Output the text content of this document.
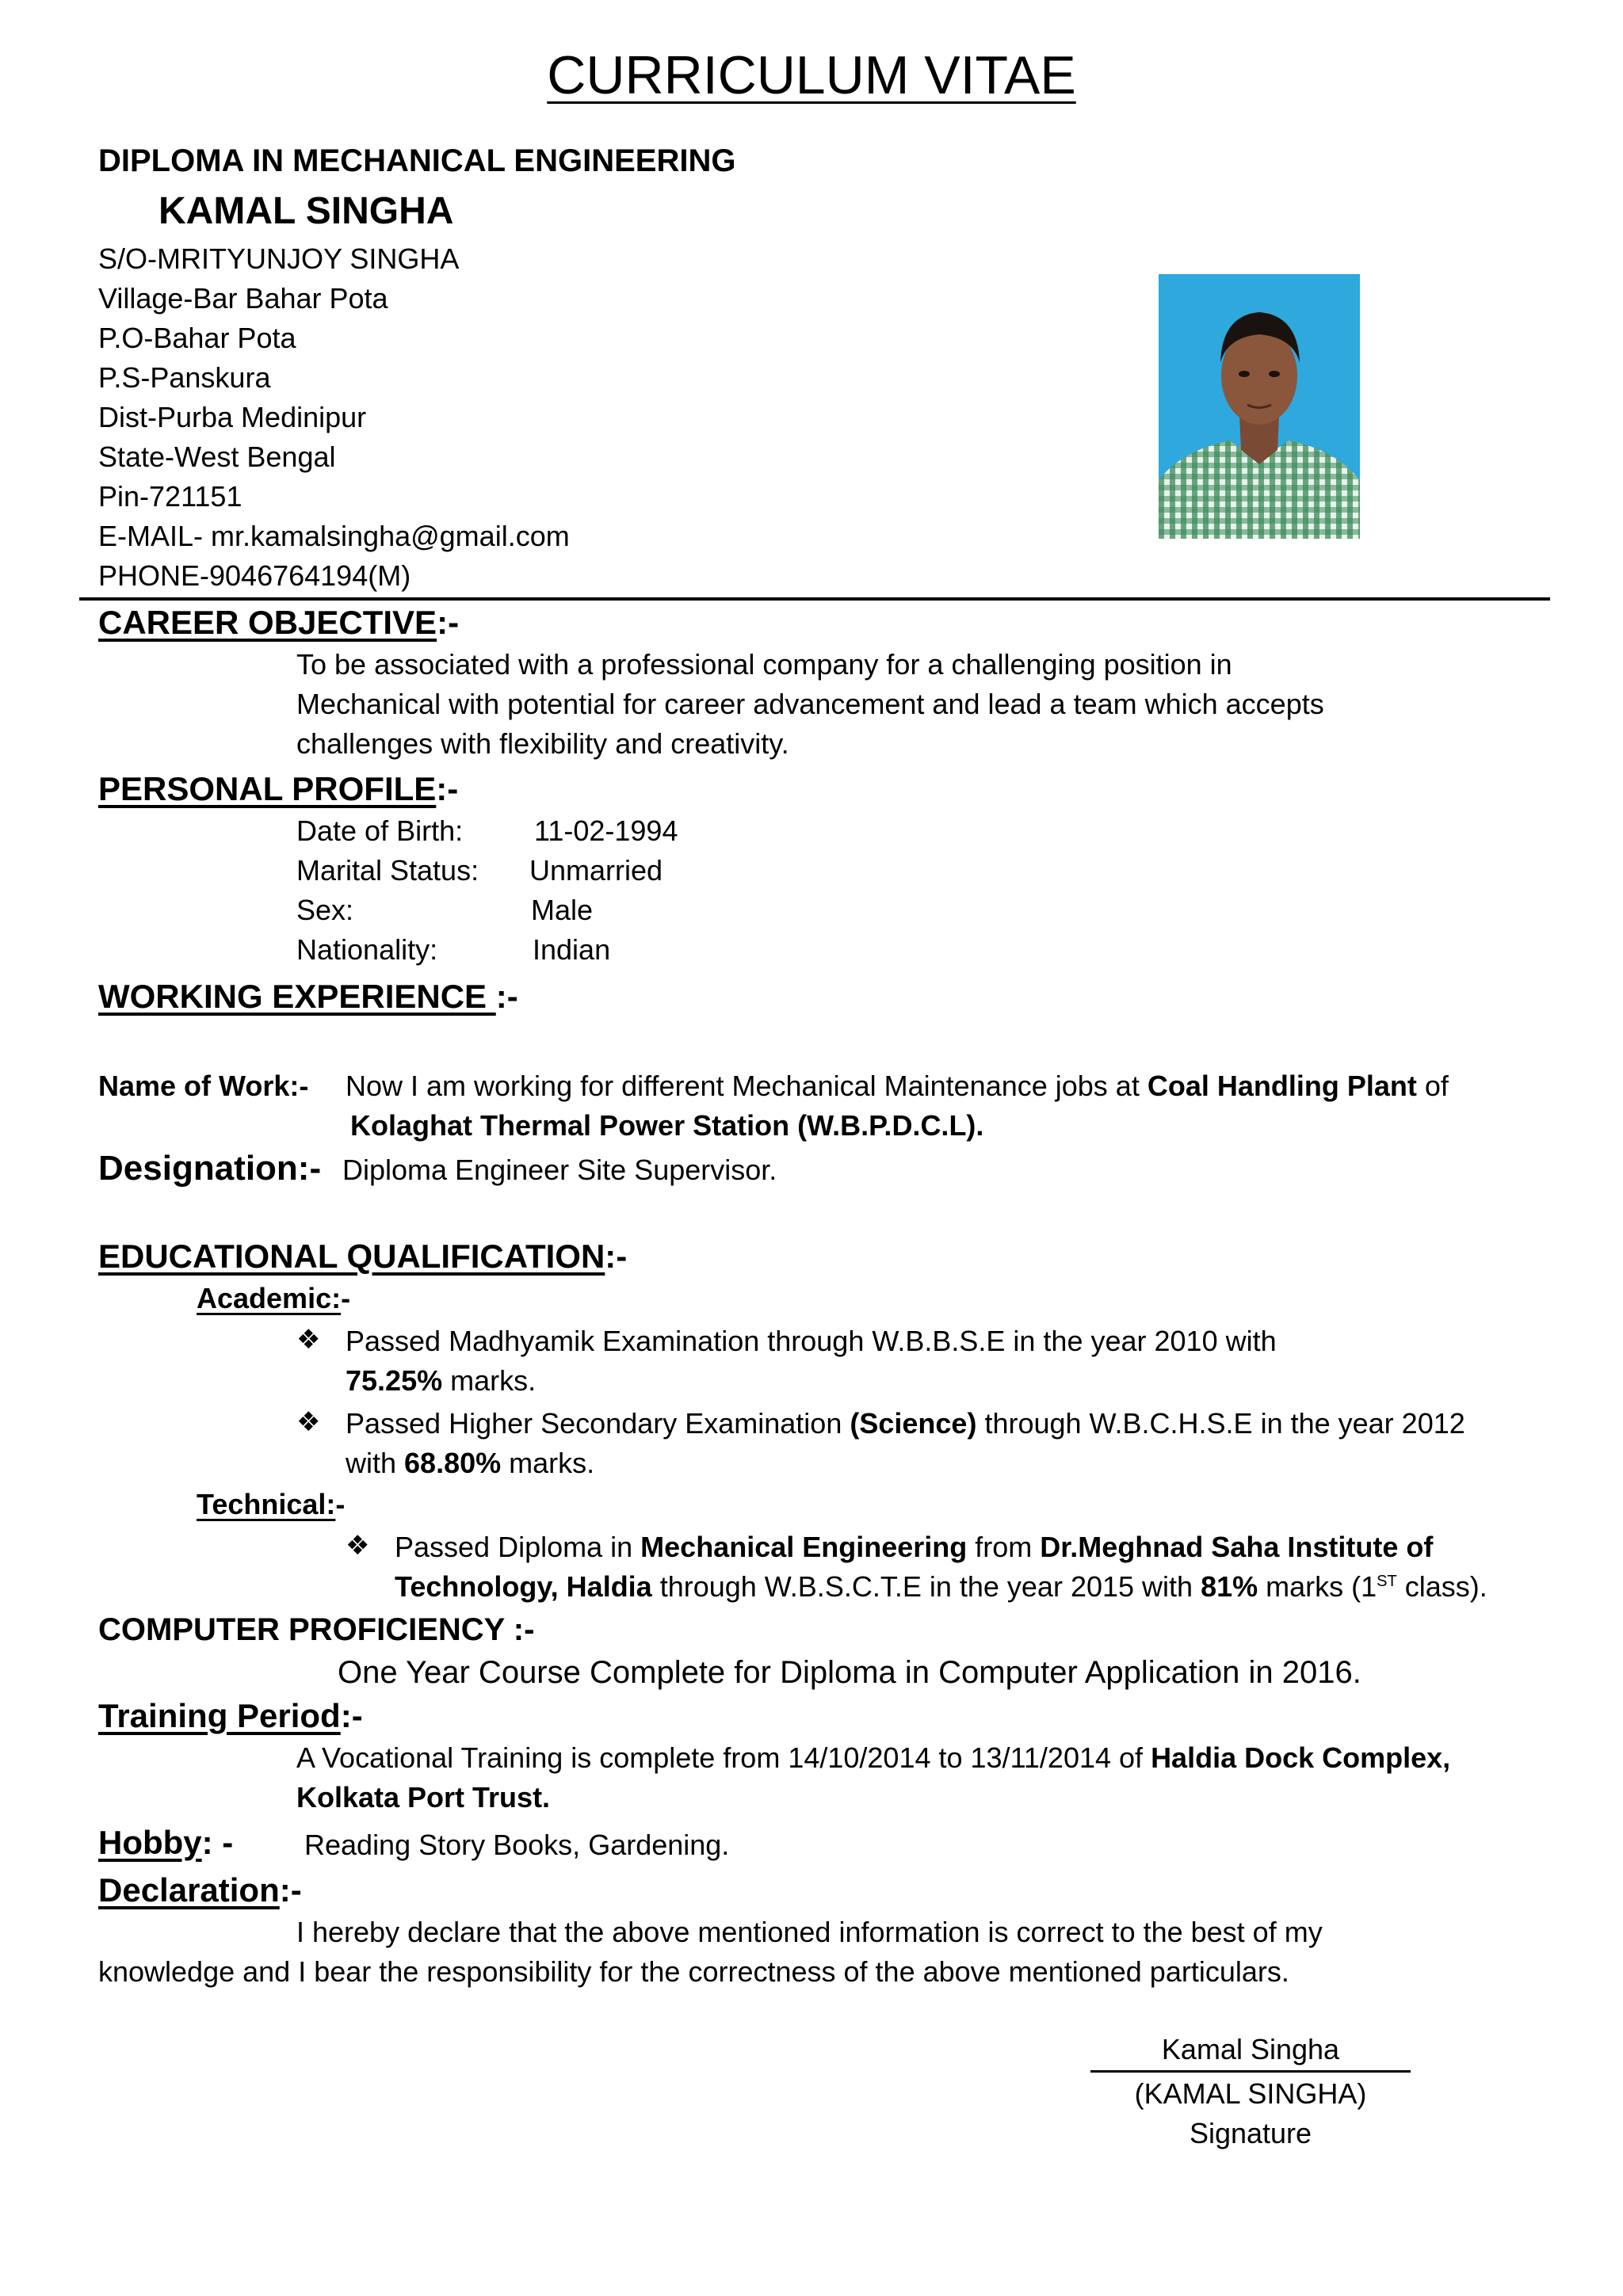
CURRICULUM VITAE
DIPLOMA IN MECHANICAL ENGINEERING
KAMAL SINGHA
S/O-MRITYUNJOY SINGHA
Village-Bar Bahar Pota
P.O-Bahar Pota
P.S-Panskura
Dist-Purba Medinipur
State-West Bengal
Pin-721151
E-MAIL- mr.kamalsingha@gmail.com
PHONE-9046764194(M)
CAREER OBJECTIVE:-
To be associated with a professional company for a challenging position in
Mechanical with potential for career advancement and lead a team which accepts
challenges with flexibility and creativity.
PERSONAL PROFILE:-
Date of Birth: 11-02-1994
Marital Status: Unmarried
Sex:	Male
Nationality:	Indian
WORKING EXPERIENCE :-
Name of Work:- Now I am working for different Mechanical Maintenance jobs at Coal Handling Plant of
Kolaghat Thermal Power Station (W.B.P.D.C.L).
Designation:- Diploma Engineer Site Supervisor.
EDUCATIONAL QUALIFICATION:-
Academic:-
❖ Passed Madhyamik Examination through W.B.B.S.E in the year 2010 with
75.25% marks.
❖ Passed Higher Secondary Examination (Science) through W.B.C.H.S.E in the year 2012
with 68.80% marks.
Technical:-
❖ Passed Diploma in Mechanical Engineering from Dr.Meghnad Saha Institute of
Technology, Haldia through W.B.S.C.T.E in the year 2015 with 81% marks (1ST class).
COMPUTER PROFICIENCY :-
One Year Course Complete for Diploma in Computer Application in 2016.
Training Period:-
A Vocational Training is complete from 14/10/2014 to 13/11/2014 of Haldia Dock Complex,
Kolkata Port Trust.
Hobby: - Reading Story Books, Gardening.
Declaration:-
I hereby declare that the above mentioned information is correct to the best of my
knowledge and I bear the responsibility for the correctness of the above mentioned particulars.
Kamal Singha
(KAMAL SINGHA)
Signature
